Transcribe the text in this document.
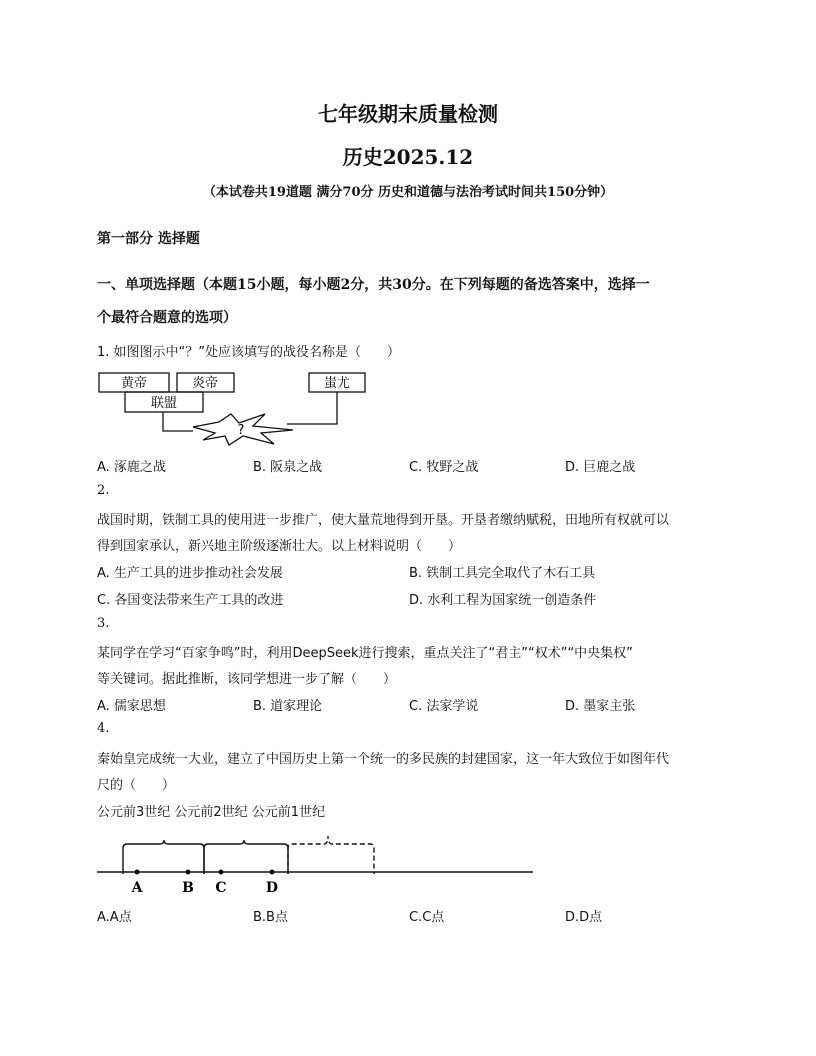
七年级期末质量检测
历史2025.12
（本试卷共19道题 满分70分 历史和道德与法治考试时间共150分钟）
第一部分 选择题
一、单项选择题（本题15小题，每小题2分，共30分。在下列每题的备选答案中，选择一
个最符合题意的选项）
1. 如图图示中“？”处应该填写的战役名称是（　　）
黄帝	炎帝	蚩尤
联盟
?
A. 涿鹿之战	B. 阪泉之战	C. 牧野之战	D. 巨鹿之战
2.
战国时期，铁制工具的使用进一步推广，使大量荒地得到开垦。开垦者缴纳赋税，田地所有权就可以
得到国家承认，新兴地主阶级逐渐壮大。以上材料说明（　　）
A. 生产工具的进步推动社会发展	B. 铁制工具完全取代了木石工具
C. 各国变法带来生产工具的改进	D. 水利工程为国家统一创造条件
3.
某同学在学习“百家争鸣”时，利用DeepSeek进行搜索，重点关注了“君主”“权术”“中央集权”
等关键词。据此推断，该同学想进一步了解（　　）
A. 儒家思想	B. 道家理论	C. 法家学说	D. 墨家主张
4.
秦始皇完成统一大业，建立了中国历史上第一个统一的多民族的封建国家，这一年大致位于如图年代
尺的（　　）
公元前3世纪 公元前2世纪 公元前1世纪
A	B C	D
A.A点	B.B点	C.C点	D.D点
